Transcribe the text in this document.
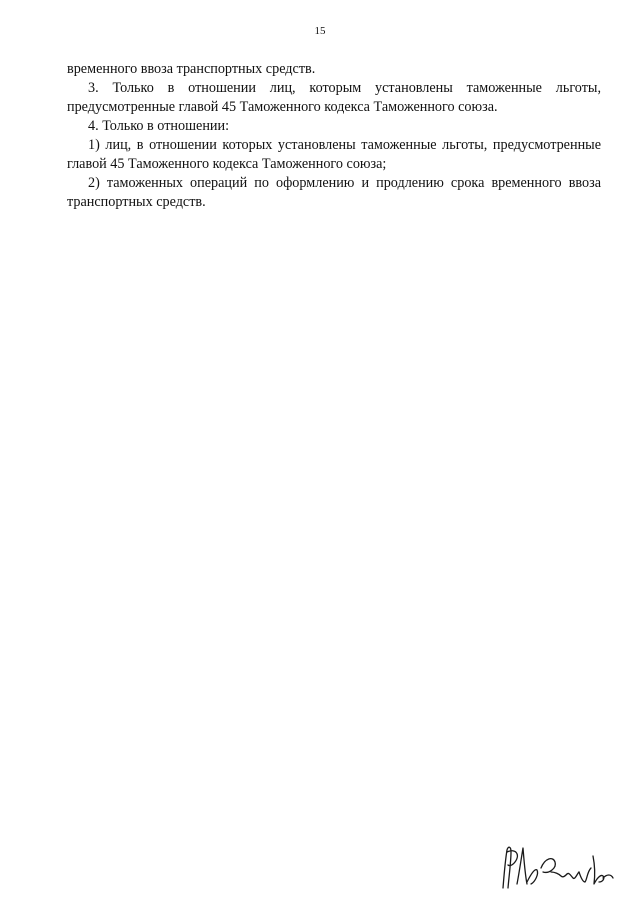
15

временного ввоза транспортных средств.

3. Только в отношении лиц, которым установлены таможенные льготы, предусмотренные главой 45 Таможенного кодекса Таможенного союза.

4. Только в отношении:

1) лиц, в отношении которых установлены таможенные льготы, предусмотренные главой 45 Таможенного кодекса Таможенного союза;

2) таможенных операций по оформлению и продлению срока временного ввоза транспортных средств.
